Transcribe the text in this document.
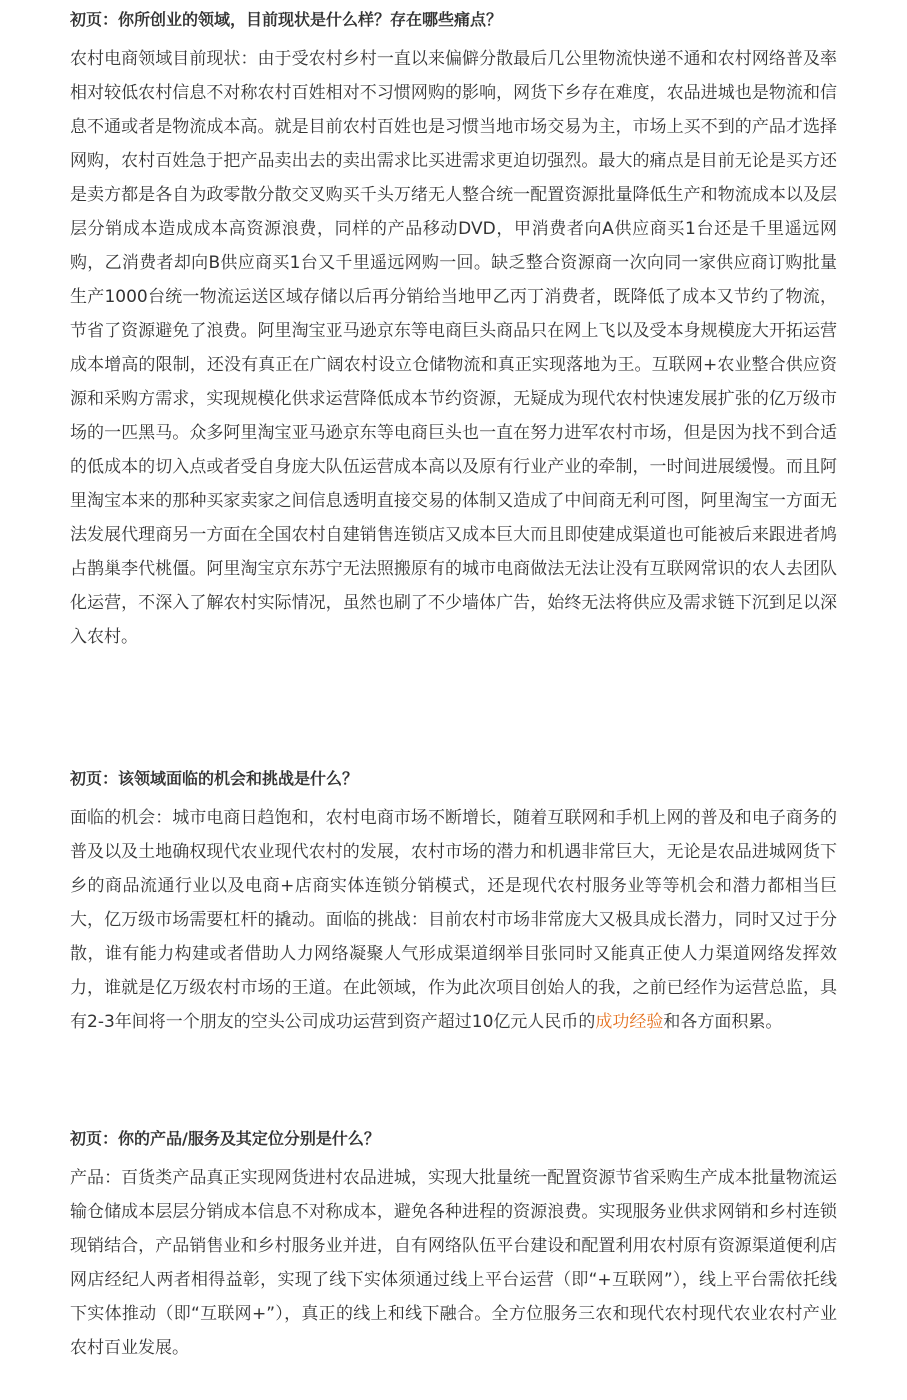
初页：你所创业的领域，目前现状是什么样？存在哪些痛点？

农村电商领域目前现状：由于受农村乡村一直以来偏僻分散最后几公里物流快递不通和农村网络普及率相对较低农村信息不对称农村百姓相对不习惯网购的影响，网货下乡存在难度，农品进城也是物流和信息不通或者是物流成本高。就是目前农村百姓也是习惯当地市场交易为主，市场上买不到的产品才选择网购，农村百姓急于把产品卖出去的卖出需求比买进需求更迫切强烈。最大的痛点是目前无论是买方还是卖方都是各自为政零散分散交叉购买千头万绪无人整合统一配置资源批量降低生产和物流成本以及层层分销成本造成成本高资源浪费，同样的产品移动DVD，甲消费者向A供应商买1台还是千里遥远网购，乙消费者却向B供应商买1台又千里遥远网购一回。缺乏整合资源商一次向同一家供应商订购批量生产1000台统一物流运送区域存储以后再分销给当地甲乙丙丁消费者，既降低了成本又节约了物流，节省了资源避免了浪费。阿里淘宝亚马逊京东等电商巨头商品只在网上飞以及受本身规模庞大开拓运营成本增高的限制，还没有真正在广阔农村设立仓储物流和真正实现落地为王。互联网+农业整合供应资源和采购方需求，实现规模化供求运营降低成本节约资源，无疑成为现代农村快速发展扩张的亿万级市场的一匹黑马。众多阿里淘宝亚马逊京东等电商巨头也一直在努力进军农村市场，但是因为找不到合适的低成本的切入点或者受自身庞大队伍运营成本高以及原有行业产业的牵制，一时间进展缓慢。而且阿里淘宝本来的那种买家卖家之间信息透明直接交易的体制又造成了中间商无利可图，阿里淘宝一方面无法发展代理商另一方面在全国农村自建销售连锁店又成本巨大而且即使建成渠道也可能被后来跟进者鸠占鹊巢李代桃僵。阿里淘宝京东苏宁无法照搬原有的城市电商做法无法让没有互联网常识的农人去团队化运营，不深入了解农村实际情况，虽然也刷了不少墙体广告，始终无法将供应及需求链下沉到足以深入农村。

初页：该领域面临的机会和挑战是什么？

面临的机会：城市电商日趋饱和，农村电商市场不断增长，随着互联网和手机上网的普及和电子商务的普及以及土地确权现代农业现代农村的发展，农村市场的潜力和机遇非常巨大，无论是农品进城网货下乡的商品流通行业以及电商+店商实体连锁分销模式，还是现代农村服务业等等机会和潜力都相当巨大，亿万级市场需要杠杆的撬动。面临的挑战：目前农村市场非常庞大又极具成长潜力，同时又过于分散，谁有能力构建或者借助人力网络凝聚人气形成渠道纲举目张同时又能真正使人力渠道网络发挥效力，谁就是亿万级农村市场的王道。在此领域，作为此次项目创始人的我，之前已经作为运营总监，具有2-3年间将一个朋友的空头公司成功运营到资产超过10亿元人民币的成功经验和各方面积累。

初页：你的产品/服务及其定位分别是什么？

产品：百货类产品真正实现网货进村农品进城，实现大批量统一配置资源节省采购生产成本批量物流运输仓储成本层层分销成本信息不对称成本，避免各种进程的资源浪费。实现服务业供求网销和乡村连锁现销结合，产品销售业和乡村服务业并进，自有网络队伍平台建设和配置利用农村原有资源渠道便利店网店经纪人两者相得益彰，实现了线下实体须通过线上平台运营（即“+互联网”），线上平台需依托线下实体推动（即“互联网+”），真正的线上和线下融合。全方位服务三农和现代农村现代农业农村产业农村百业发展。
